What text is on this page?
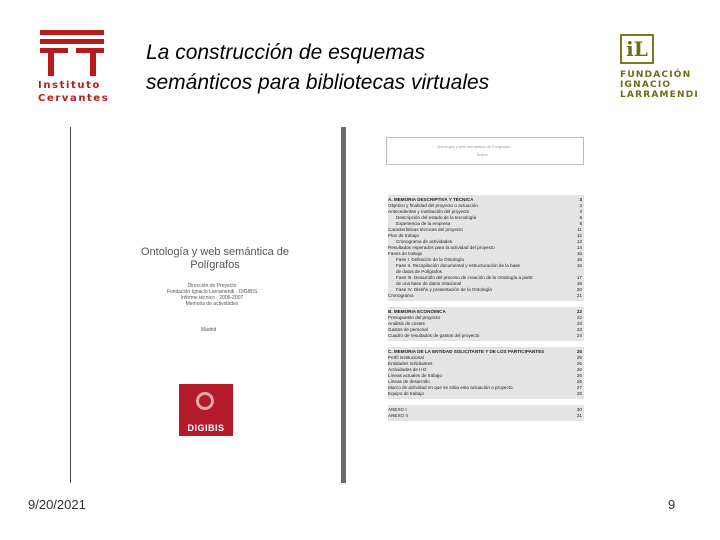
Instituto
Cervantes
La construcción de esquemas
semánticos para bibliotecas virtuales
iL
FUNDACIÓN
IGNACIO
LARRAMENDI
Ontología y web semántica de
Polígrafos
Dirección de Proyecto
Fundación Ignacio Larramendi · DIGIBIS
Informe técnico · 2006-2007
Memoria de actividades
Madrid
DIGIBIS
Ontología y web semántica de Polígrafos
Índice
A. MEMORIA DESCRIPTIVA Y TÉCNICA	3
Objetivo y finalidad del proyecto o actuación	3
Antecedentes y motivación del proyecto	4
Descripción del estado de la tecnología	5
Experiencia de la empresa	8
Características técnicas del proyecto	11
Plan de trabajo	12
Cronograma de actividades	13
Resultados esperados para la actividad del proyecto	14
Fases de trabajo	15
Fase I. Definición de la Ontología	15
Fase II. Recopilación documental y estructuración de la base	16
de datos de Polígrafos
Fase III. Desarrollo del proceso de creación de la Ontología a partir	17
de una base de datos relacional	18
Fase IV. Diseño y presentación de la Ontología	20
Cronograma	21
B. MEMORIA ECONÓMICA	22
Presupuesto del proyecto	22
Análisis de costes	23
Gastos de personal	23
Cuadro de resultados de gastos del proyecto	24
C. MEMORIA DE LA ENTIDAD SOLICITANTE Y DE LOS PARTICIPANTES	25
Perfil institucional	25
Entidades solicitantes	25
Actividades de I+D	26
Líneas actuales de trabajo	26
Líneas de desarrollo	26
Marco de actividad en que se sitúa esta actuación o proyecto	27
Equipo de trabajo	28
ANEXO I	30
ANEXO II	31
9/20/2021	9
